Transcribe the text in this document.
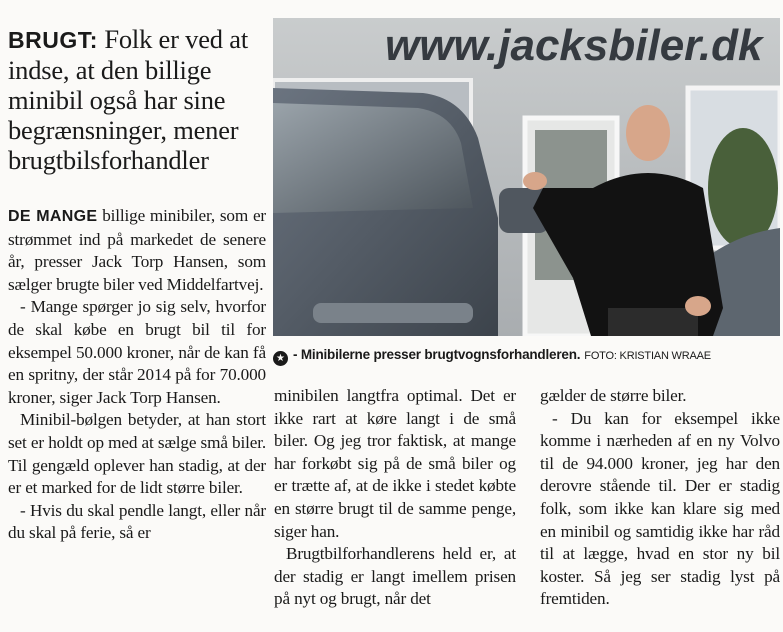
BRUGT: Folk er ved at indse, at den billige minibil også har sine begrænsninger, mener brugtbilsforhandler

DE MANGE billige minibiler, som er strømmet ind på markedet de senere år, presser Jack Torp Hansen, som sælger brugte biler ved Middelfartvej.

- Mange spørger jo sig selv, hvorfor de skal købe en brugt bil til for eksempel 50.000 kroner, når de kan få en spritny, der står 2014 på for 70.000 kroner, siger Jack Torp Hansen.

Minibil-bølgen betyder, at han stort set er holdt op med at sælge små biler. Til gengæld oplever han stadig, at der er et marked for de lidt større biler.

- Hvis du skal pendle langt, eller når du skal på ferie, så er

www.jacksbiler.dk
★ - Minibilerne presser brugtvognsforhandleren. FOTO: KRISTIAN WRAAE

minibilen langtfra optimal. Det er ikke rart at køre langt i de små biler. Og jeg tror faktisk, at mange har forkøbt sig på de små biler og er trætte af, at de ikke i stedet købte en større brugt til de samme penge, siger han.

Brugtbilforhandlerens held er, at der stadig er langt imellem prisen på nyt og brugt, når det

gælder de større biler.

- Du kan for eksempel ikke komme i nærheden af en ny Volvo til de 94.000 kroner, jeg har den derovre stående til. Der er stadig folk, som ikke kan klare sig med en minibil og samtidig ikke har råd til at lægge, hvad en stor ny bil koster. Så jeg ser stadig lyst på fremtiden.
